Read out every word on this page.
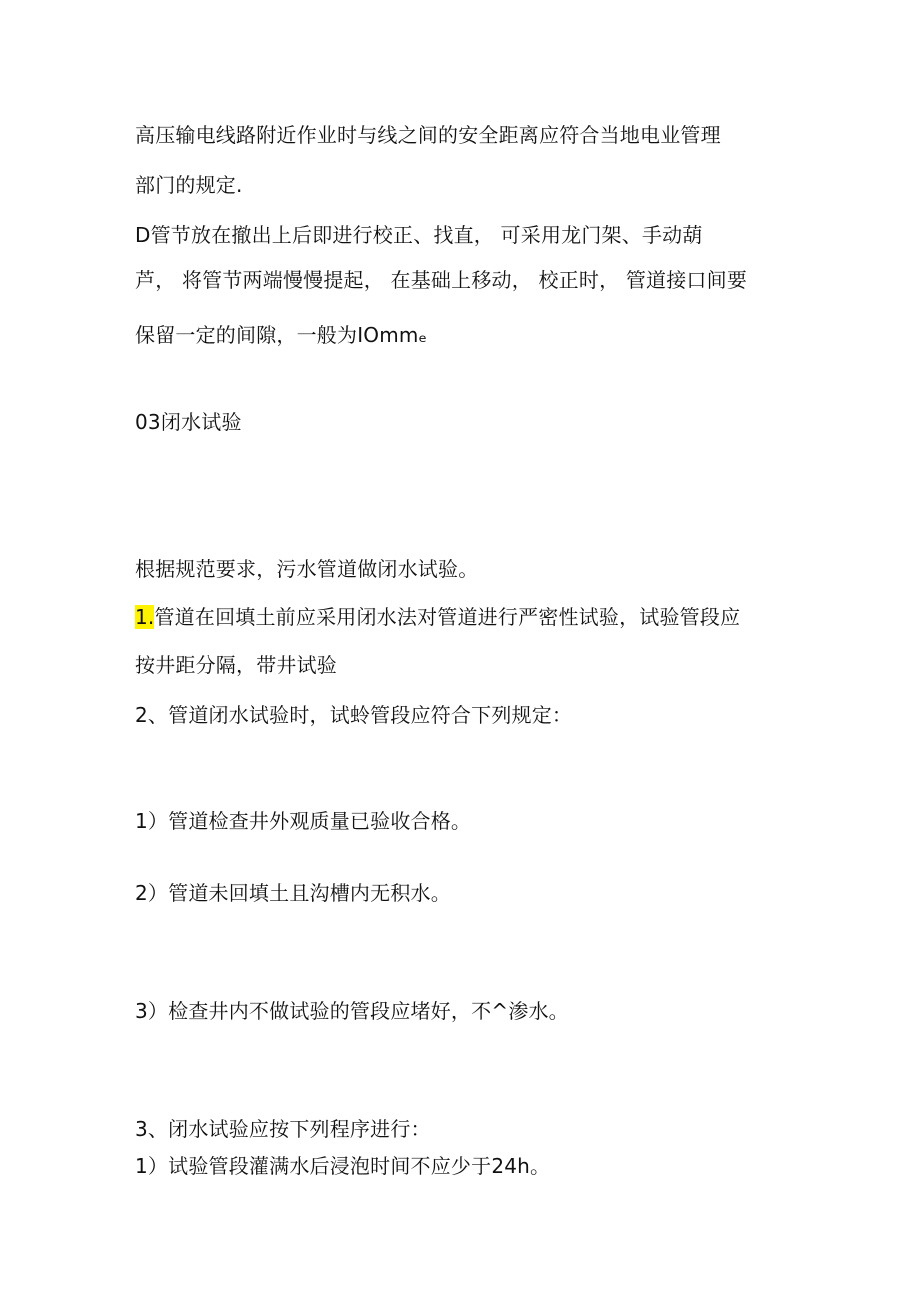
高压输电线路附近作业时与线之间的安全距离应符合当地电业管理
部门的规定.
D管节放在撤出上后即进行校正、找直， 可采用龙门架、手动葫
芦， 将管节两端慢慢提起， 在基础上移动， 校正时， 管道接口间要
保留一定的间隙，一般为IOmmₑ
03闭水试验
根据规范要求，污水管道做闭水试验。
1.管道在回填土前应采用闭水法对管道进行严密性试验，试验管段应
按井距分隔，带井试验
2、管道闭水试验时，试蛉管段应符合下列规定：
1）管道检查井外观质量已验收合格。
2）管道未回填土且沟槽内无积水。
3）检查井内不做试验的管段应堵好，不^渗水。
3、闭水试验应按下列程序进行：
1）试验管段灌满水后浸泡时间不应少于24h。
